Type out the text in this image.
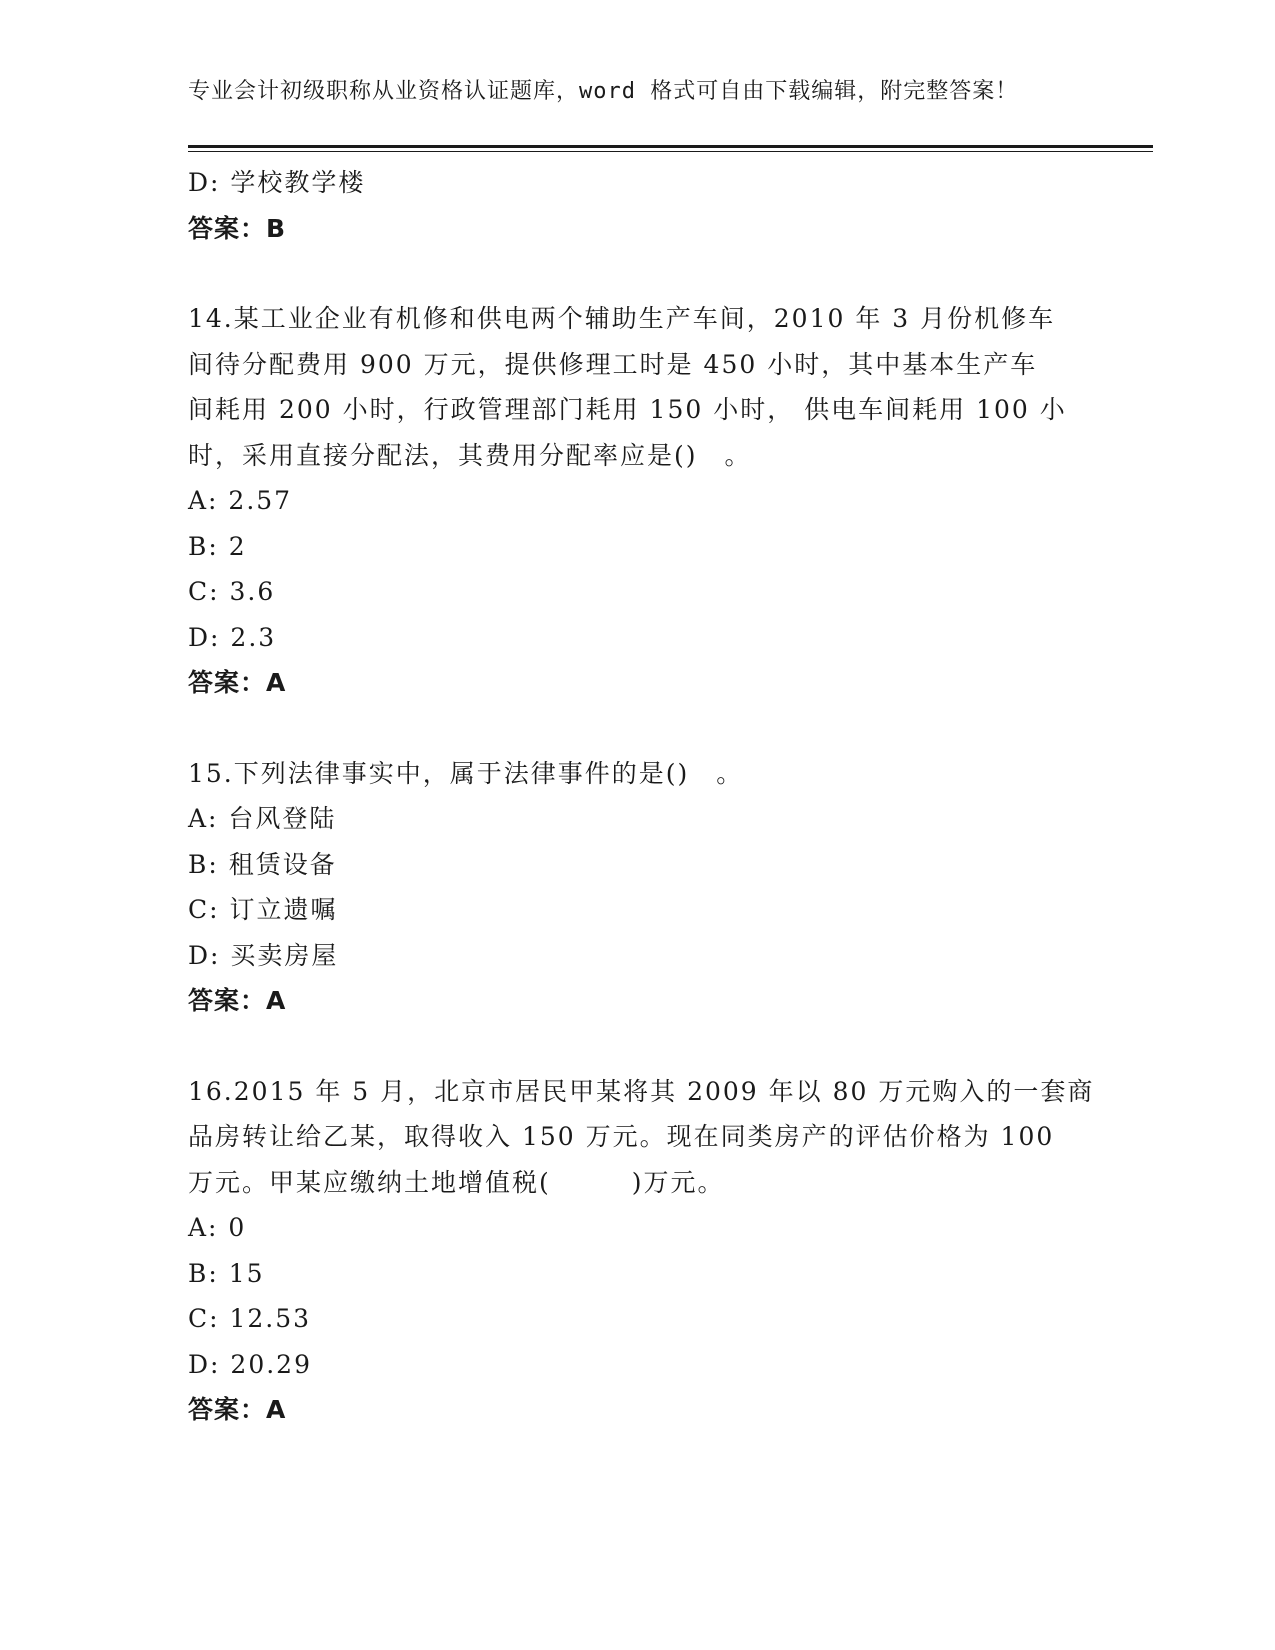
专业会计初级职称从业资格认证题库，word 格式可自由下载编辑，附完整答案！

D: 学校教学楼

答案：B

14.某工业企业有机修和供电两个辅助生产车间，2010 年 3 月份机修车

间待分配费用 900 万元，提供修理工时是 450 小时，其中基本生产车

间耗用 200 小时，行政管理部门耗用 150 小时， 供电车间耗用 100 小

时，采用直接分配法，其费用分配率应是()　。

A: 2.57

B: 2

C: 3.6

D: 2.3

答案：A

15.下列法律事实中，属于法律事件的是()　。

A: 台风登陆

B: 租赁设备

C: 订立遗嘱

D: 买卖房屋

答案：A

16.2015 年 5 月，北京市居民甲某将其 2009 年以 80 万元购入的一套商

品房转让给乙某，取得收入 150 万元。现在同类房产的评估价格为 100

万元。甲某应缴纳土地增值税(　　　)万元。

A: 0

B: 15

C: 12.53

D: 20.29

答案：A
